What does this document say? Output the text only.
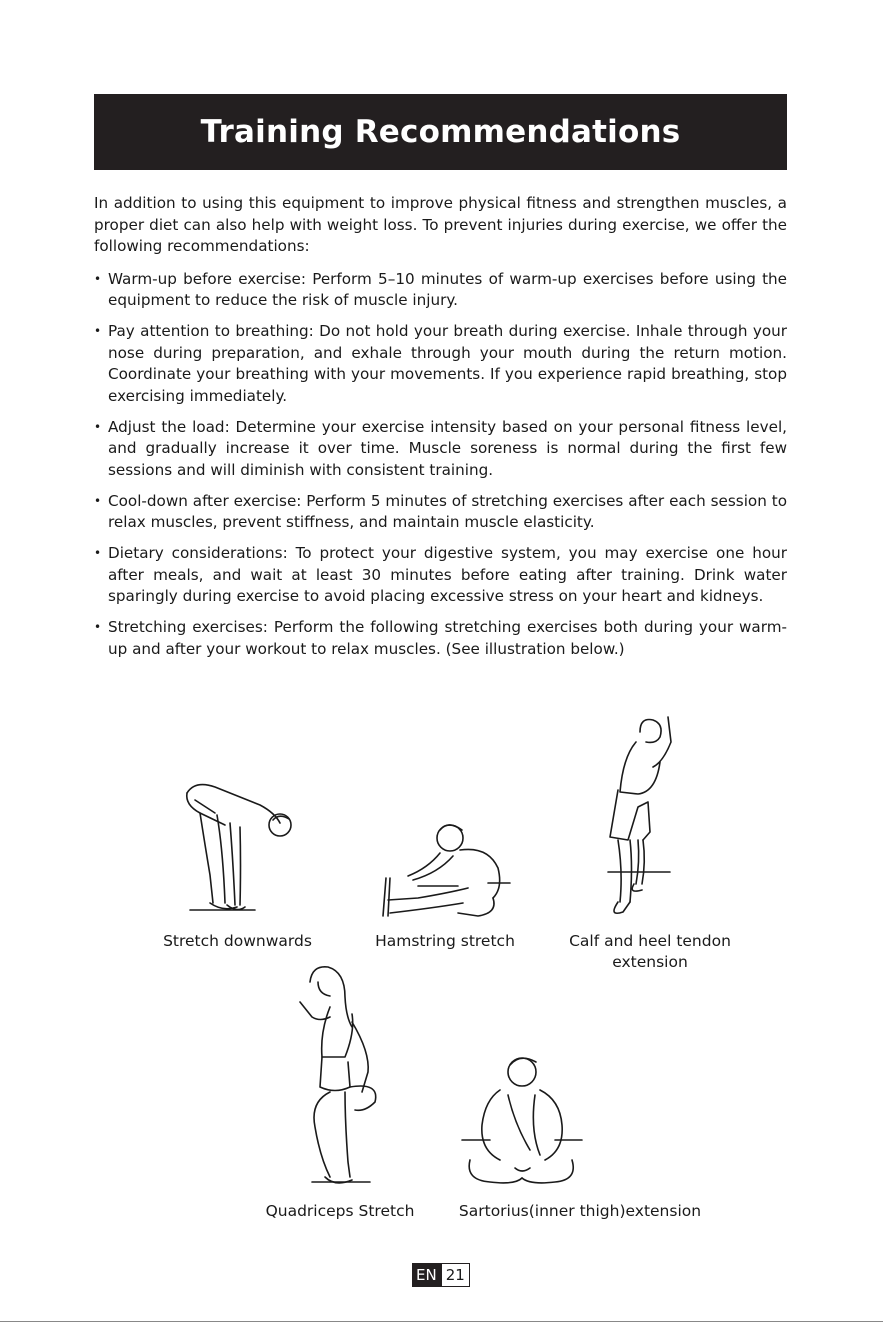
Training Recommendations

In addition to using this equipment to improve physical fitness and strengthen muscles, a proper diet can also help with weight loss. To prevent injuries during exercise, we offer the following recommendations:

• Warm-up before exercise: Perform 5–10 minutes of warm-up exercises before using the equipment to reduce the risk of muscle injury.
• Pay attention to breathing: Do not hold your breath during exercise. Inhale through your nose during preparation, and exhale through your mouth during the return motion. Coordinate your breathing with your movements. If you experience rapid breathing, stop exercising immediately.
• Adjust the load: Determine your exercise intensity based on your personal fitness level, and gradually increase it over time. Muscle soreness is normal during the first few sessions and will diminish with consistent training.
• Cool-down after exercise: Perform 5 minutes of stretching exercises after each session to relax muscles, prevent stiffness, and maintain muscle elasticity.
• Dietary considerations: To protect your digestive system, you may exercise one hour after meals, and wait at least 30 minutes before eating after training. Drink water sparingly during exercise to avoid placing excessive stress on your heart and kidneys.
• Stretching exercises: Perform the following stretching exercises both during your warm-up and after your workout to relax muscles. (See illustration below.)
Stretch downwards	Hamstring stretch	Calf and heel tendon extension
Quadriceps Stretch	Sartorius(inner thigh)extension
EN 21
